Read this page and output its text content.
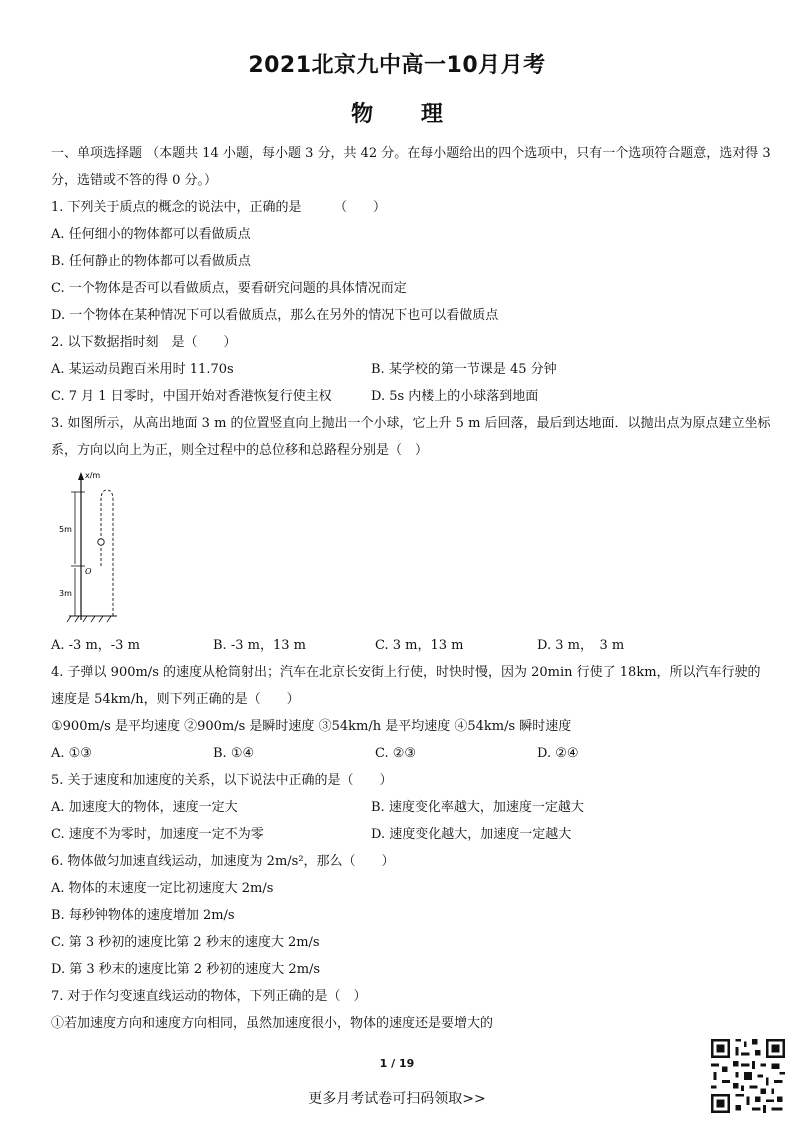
2021北京九中高一10月月考
物 理
一、单项选择题 （本题共 14 小题，每小题 3 分，共 42 分。在每小题给出的四个选项中，只有一个选项符合题意，选对得 3 分，选错或不答的得 0 分。）
1. 下列关于质点的概念的说法中，正确的是　　　（　　）
A. 任何细小的物体都可以看做质点
B. 任何静止的物体都可以看做质点
C. 一个物体是否可以看做质点，要看研究问题的具体情况而定
D. 一个物体在某种情况下可以看做质点，那么在另外的情况下也可以看做质点
2. 以下数据指时刻　是（　　）
A. 某运动员跑百米用时 11.70s	B. 某学校的第一节课是 45 分钟
C. 7 月 1 日零时，中国开始对香港恢复行使主权	D. 5s 内楼上的小球落到地面
3. 如图所示，从高出地面 3 m 的位置竖直向上抛出一个小球，它上升 5 m 后回落，最后到达地面．以抛出点为原点建立坐标系，方向以向上为正，则全过程中的总位移和总路程分别是（　）
x/m
5m
O
3m
A. -3 m，-3 m	B. -3 m，13 m	C. 3 m，13 m	D. 3 m，　3 m
4. 子弹以 900m/s 的速度从枪筒射出；汽车在北京长安街上行使，时快时慢，因为 20min 行使了 18km，所以汽车行驶的速度是 54km/h，则下列正确的是（　　）
①900m/s 是平均速度 ②900m/s 是瞬时速度 ③54km/h 是平均速度 ④54km/s 瞬时速度
A. ①③	B. ①④	C. ②③	D. ②④
5. 关于速度和加速度的关系，以下说法中正确的是（　　）
A. 加速度大的物体，速度一定大	B. 速度变化率越大，加速度一定越大
C. 速度不为零时，加速度一定不为零	D. 速度变化越大，加速度一定越大
6. 物体做匀加速直线运动，加速度为 2m/s²，那么（　　）
A. 物体的末速度一定比初速度大 2m/s
B. 每秒钟物体的速度增加 2m/s
C. 第 3 秒初的速度比第 2 秒末的速度大 2m/s
D. 第 3 秒末的速度比第 2 秒初的速度大 2m/s
7. 对于作匀变速直线运动的物体，下列正确的是（　）
①若加速度方向和速度方向相同，虽然加速度很小，物体的速度还是要增大的
1 / 19
更多月考试卷可扫码领取>>
